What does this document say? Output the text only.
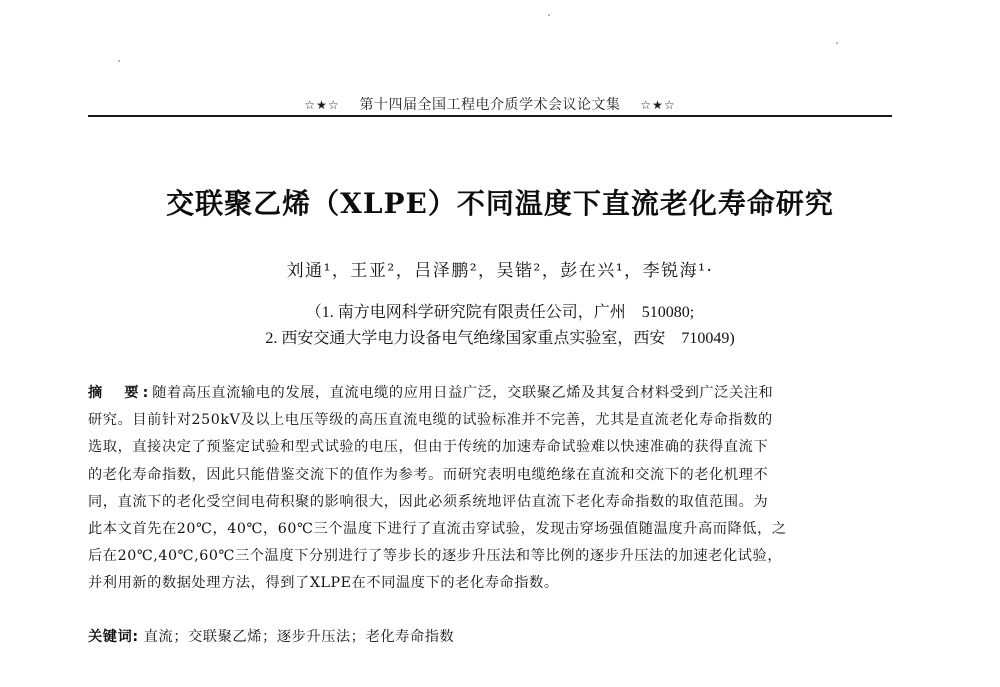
☆★☆ 第十四届全国工程电介质学术会议论文集 ☆★☆
交联聚乙烯（XLPE）不同温度下直流老化寿命研究
刘通¹，王亚²，吕泽鹏²，吴锴²，彭在兴¹，李锐海¹·
（1. 南方电网科学研究院有限责任公司，广州　510080;
2. 西安交通大学电力设备电气绝缘国家重点实验室，西安　710049)
摘　要:随着高压直流输电的发展，直流电缆的应用日益广泛，交联聚乙烯及其复合材料受到广泛关注和
研究。目前针对250kV及以上电压等级的高压直流电缆的试验标准并不完善，尤其是直流老化寿命指数的
选取，直接决定了预鉴定试验和型式试验的电压，但由于传统的加速寿命试验难以快速准确的获得直流下
的老化寿命指数，因此只能借鉴交流下的值作为参考。而研究表明电缆绝缘在直流和交流下的老化机理不
同，直流下的老化受空间电荷积聚的影响很大，因此必须系统地评估直流下老化寿命指数的取值范围。为
此本文首先在20℃，40℃，60℃三个温度下进行了直流击穿试验，发现击穿场强值随温度升高而降低，之
后在20℃,40℃,60℃三个温度下分别进行了等步长的逐步升压法和等比例的逐步升压法的加速老化试验，
并利用新的数据处理方法，得到了XLPE在不同温度下的老化寿命指数。
关键词: 直流；交联聚乙烯；逐步升压法；老化寿命指数
